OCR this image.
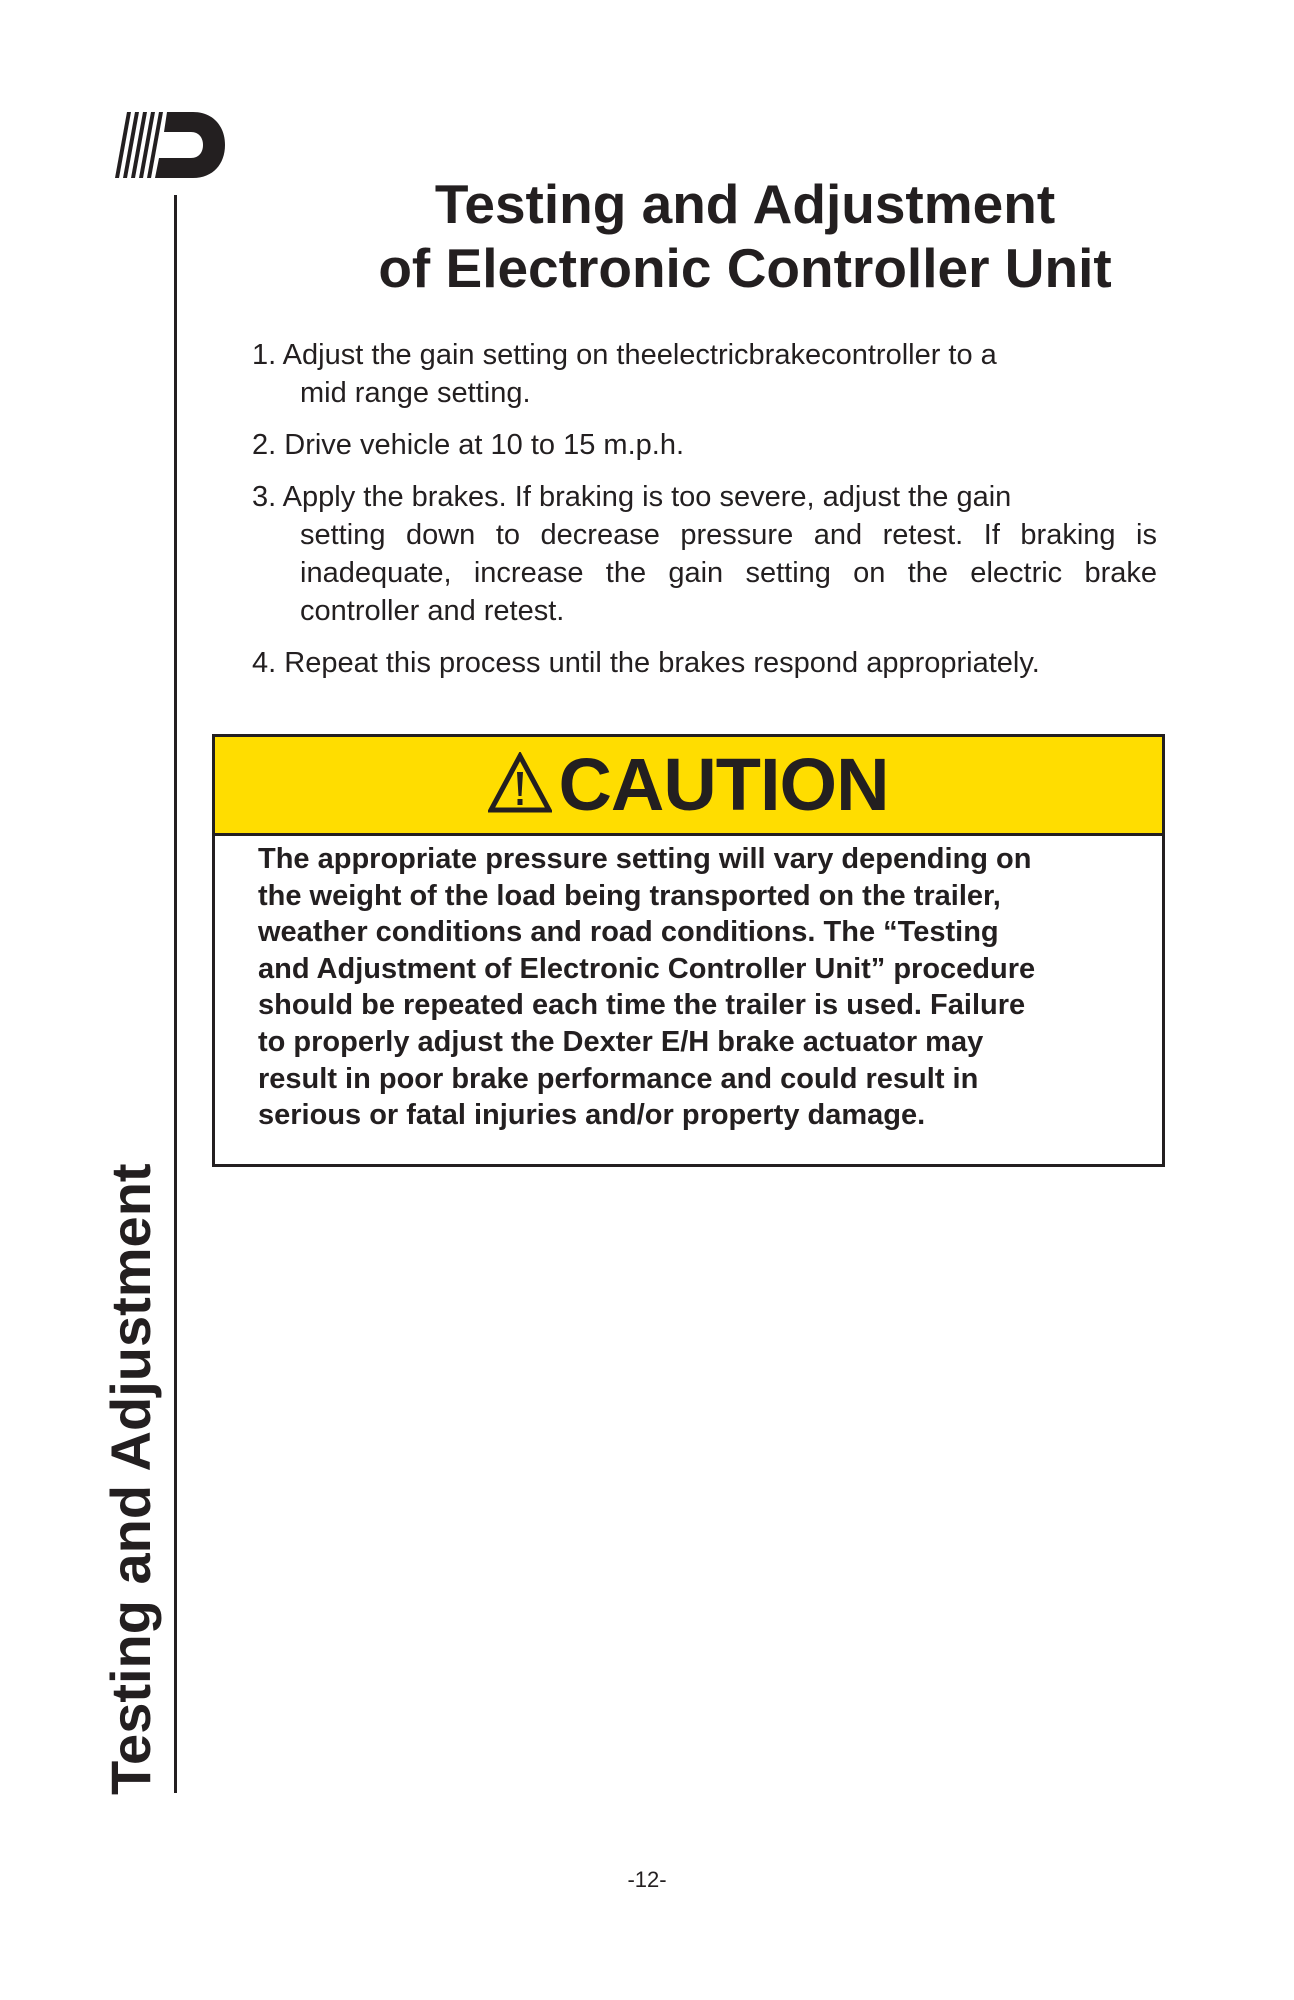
Testing and Adjustment
Testing and Adjustment
of Electronic Controller Unit
1. Adjust the gain setting on theelectricbrakecontroller to a
mid range setting.
2. Drive vehicle at 10 to 15 m.p.h.
3. Apply the brakes. If braking is too severe, adjust the gain
setting down to decrease pressure and retest. If braking is inadequate, increase the gain setting on the electric brake controller and retest.
4. Repeat this process until the brakes respond appropriately.
CAUTION

The appropriate pressure setting will vary depending on
the weight of the load being transported on the trailer,
weather conditions and road conditions. The “Testing
and Adjustment of Electronic Controller Unit” procedure
should be repeated each time the trailer is used. Failure
to properly adjust the Dexter E/H brake actuator may
result in poor brake performance and could result in
serious or fatal injuries and/or property damage.

-12-
